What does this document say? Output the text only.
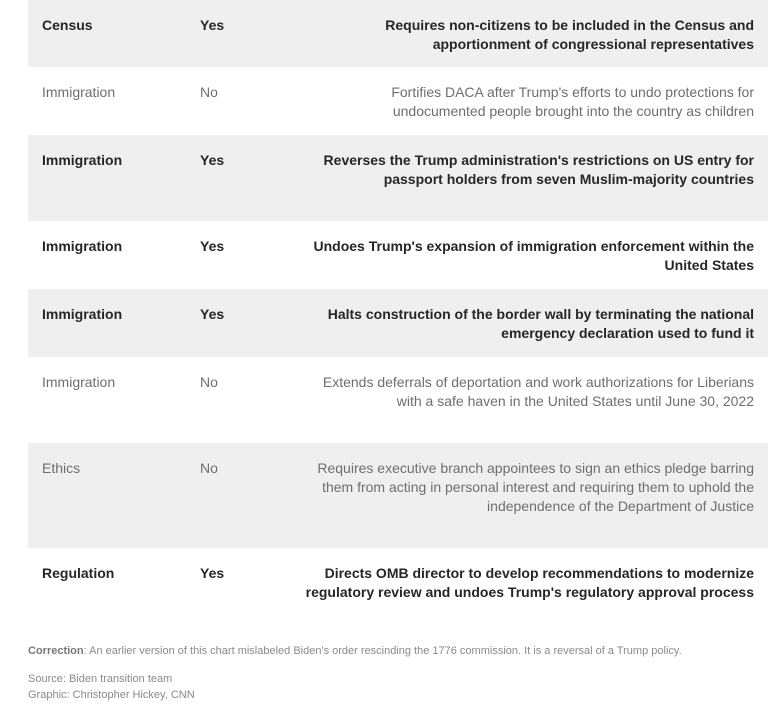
Census	Yes	Requires non-citizens to be included in the Census and apportionment of congressional representatives
Immigration	No	Fortifies DACA after Trump's efforts to undo protections for undocumented people brought into the country as children
Immigration	Yes	Reverses the Trump administration's restrictions on US entry for passport holders from seven Muslim-majority countries
Immigration	Yes	Undoes Trump's expansion of immigration enforcement within the United States
Immigration	Yes	Halts construction of the border wall by terminating the national emergency declaration used to fund it
Immigration	No	Extends deferrals of deportation and work authorizations for Liberians with a safe haven in the United States until June 30, 2022
Ethics	No	Requires executive branch appointees to sign an ethics pledge barring them from acting in personal interest and requiring them to uphold the independence of the Department of Justice
Regulation	Yes	Directs OMB director to develop recommendations to modernize regulatory review and undoes Trump's regulatory approval process
Correction: An earlier version of this chart mislabeled Biden's order rescinding the 1776 commission. It is a reversal of a Trump policy.
Source: Biden transition team
Graphic: Christopher Hickey, CNN
